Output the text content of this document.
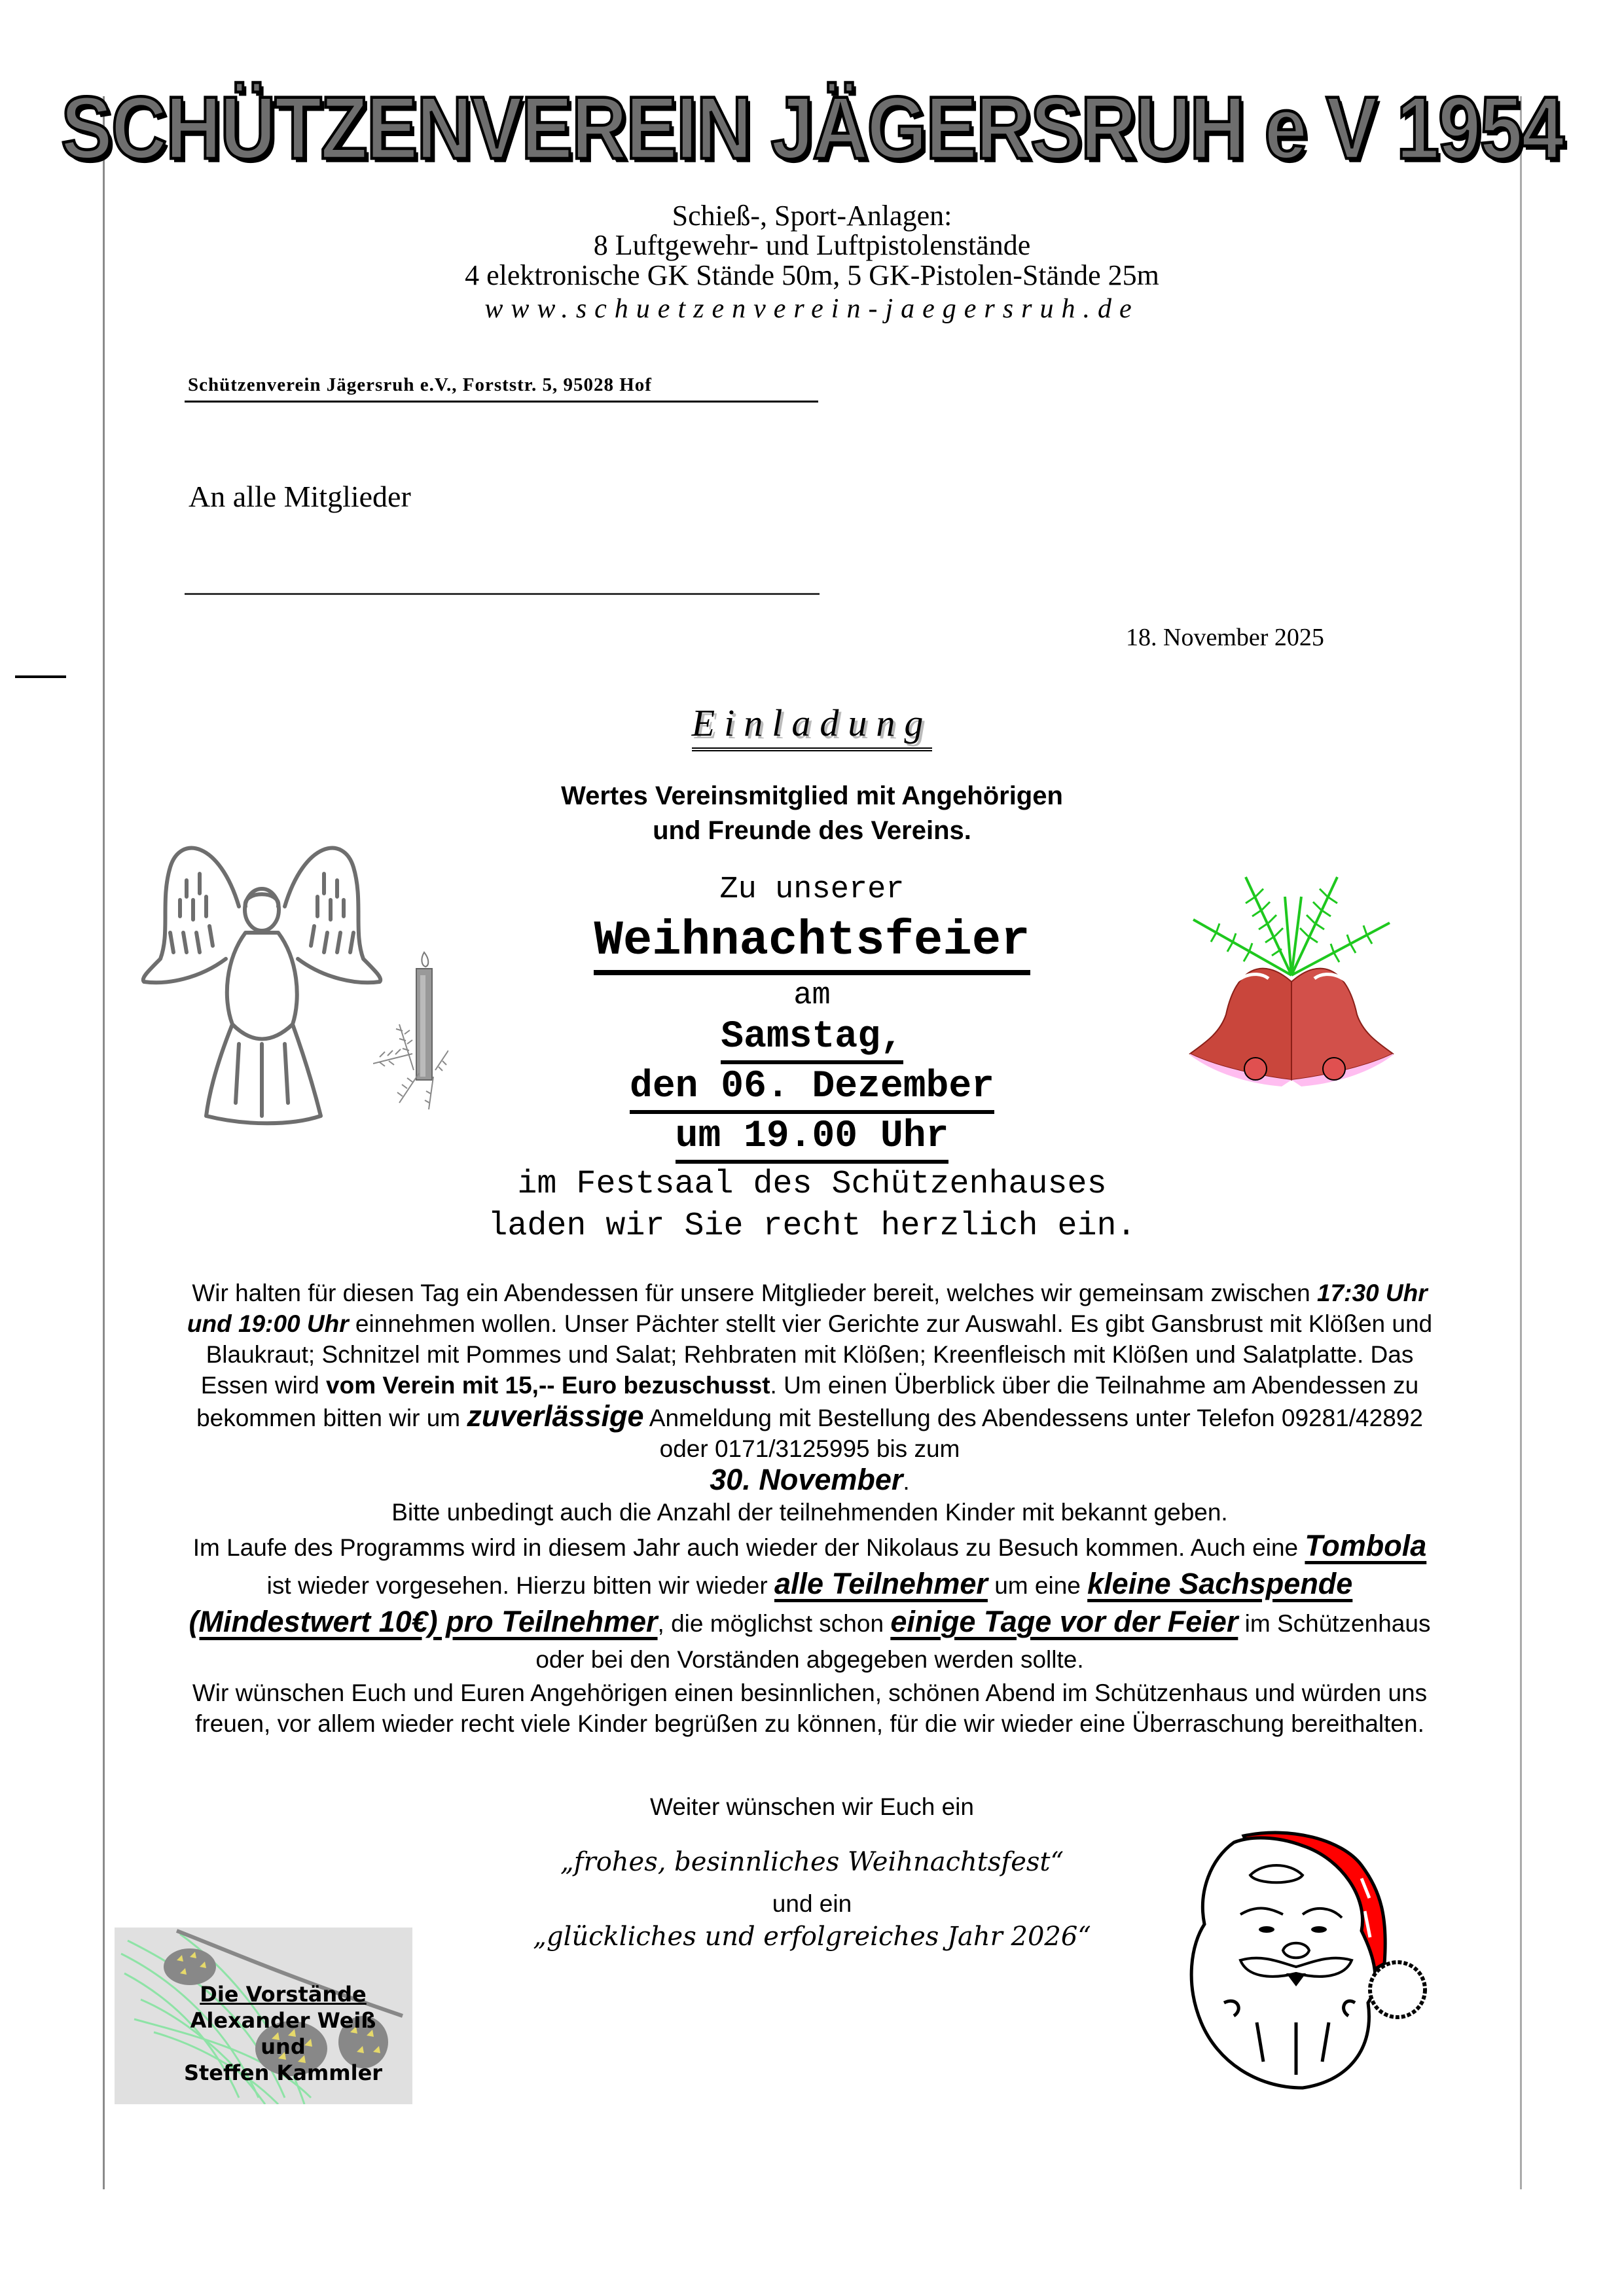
SCHÜTZENVEREIN JÄGERSRUH e V 1954
Schieß-, Sport-Anlagen:
8 Luftgewehr- und Luftpistolenstände
4 elektronische GK Stände 50m, 5 GK-Pistolen-Stände 25m
www.schuetzenverein-jaegersruh.de
Schützenverein Jägersruh e.V., Forststr. 5, 95028 Hof
An alle Mitglieder
18. November 2025
Einladung
Wertes Vereinsmitglied mit Angehörigen
und Freunde des Vereins.
Zu unserer
Weihnachtsfeier
am
Samstag,
den 06. Dezember
um 19.00 Uhr
im Festsaal des Schützenhauses
laden wir Sie recht herzlich ein.

Wir halten für diesen Tag ein Abendessen für unsere Mitglieder bereit, welches wir gemeinsam zwischen 17:30 Uhr und 19:00 Uhr einnehmen wollen. Unser Pächter stellt vier Gerichte zur Auswahl. Es gibt Gansbrust mit Klößen und Blaukraut; Schnitzel mit Pommes und Salat; Rehbraten mit Klößen; Kreenfleisch mit Klößen und Salatplatte. Das Essen wird vom Verein mit 15,-- Euro bezuschusst. Um einen Überblick über die Teilnahme am Abendessen zu bekommen bitten wir um zuverlässige Anmeldung mit Bestellung des Abendessens unter Telefon 09281/42892 oder 0171/3125995 bis zum
30. November.

Bitte unbedingt auch die Anzahl der teilnehmenden Kinder mit bekannt geben.

Im Laufe des Programms wird in diesem Jahr auch wieder der Nikolaus zu Besuch kommen. Auch eine Tombola ist wieder vorgesehen. Hierzu bitten wir wieder alle Teilnehmer um eine kleine Sachspende (Mindestwert 10€) pro Teilnehmer, die möglichst schon einige Tage vor der Feier im Schützenhaus oder bei den Vorständen abgegeben werden sollte.

Wir wünschen Euch und Euren Angehörigen einen besinnlichen, schönen Abend im Schützenhaus und würden uns freuen, vor allem wieder recht viele Kinder begrüßen zu können, für die wir wieder eine Überraschung bereithalten.

Weiter wünschen wir Euch ein
„frohes, besinnliches Weihnachtsfest“
und ein
„glückliches und erfolgreiches Jahr 2026“
Die Vorstände
Alexander Weiß
und
Steffen Kammler
